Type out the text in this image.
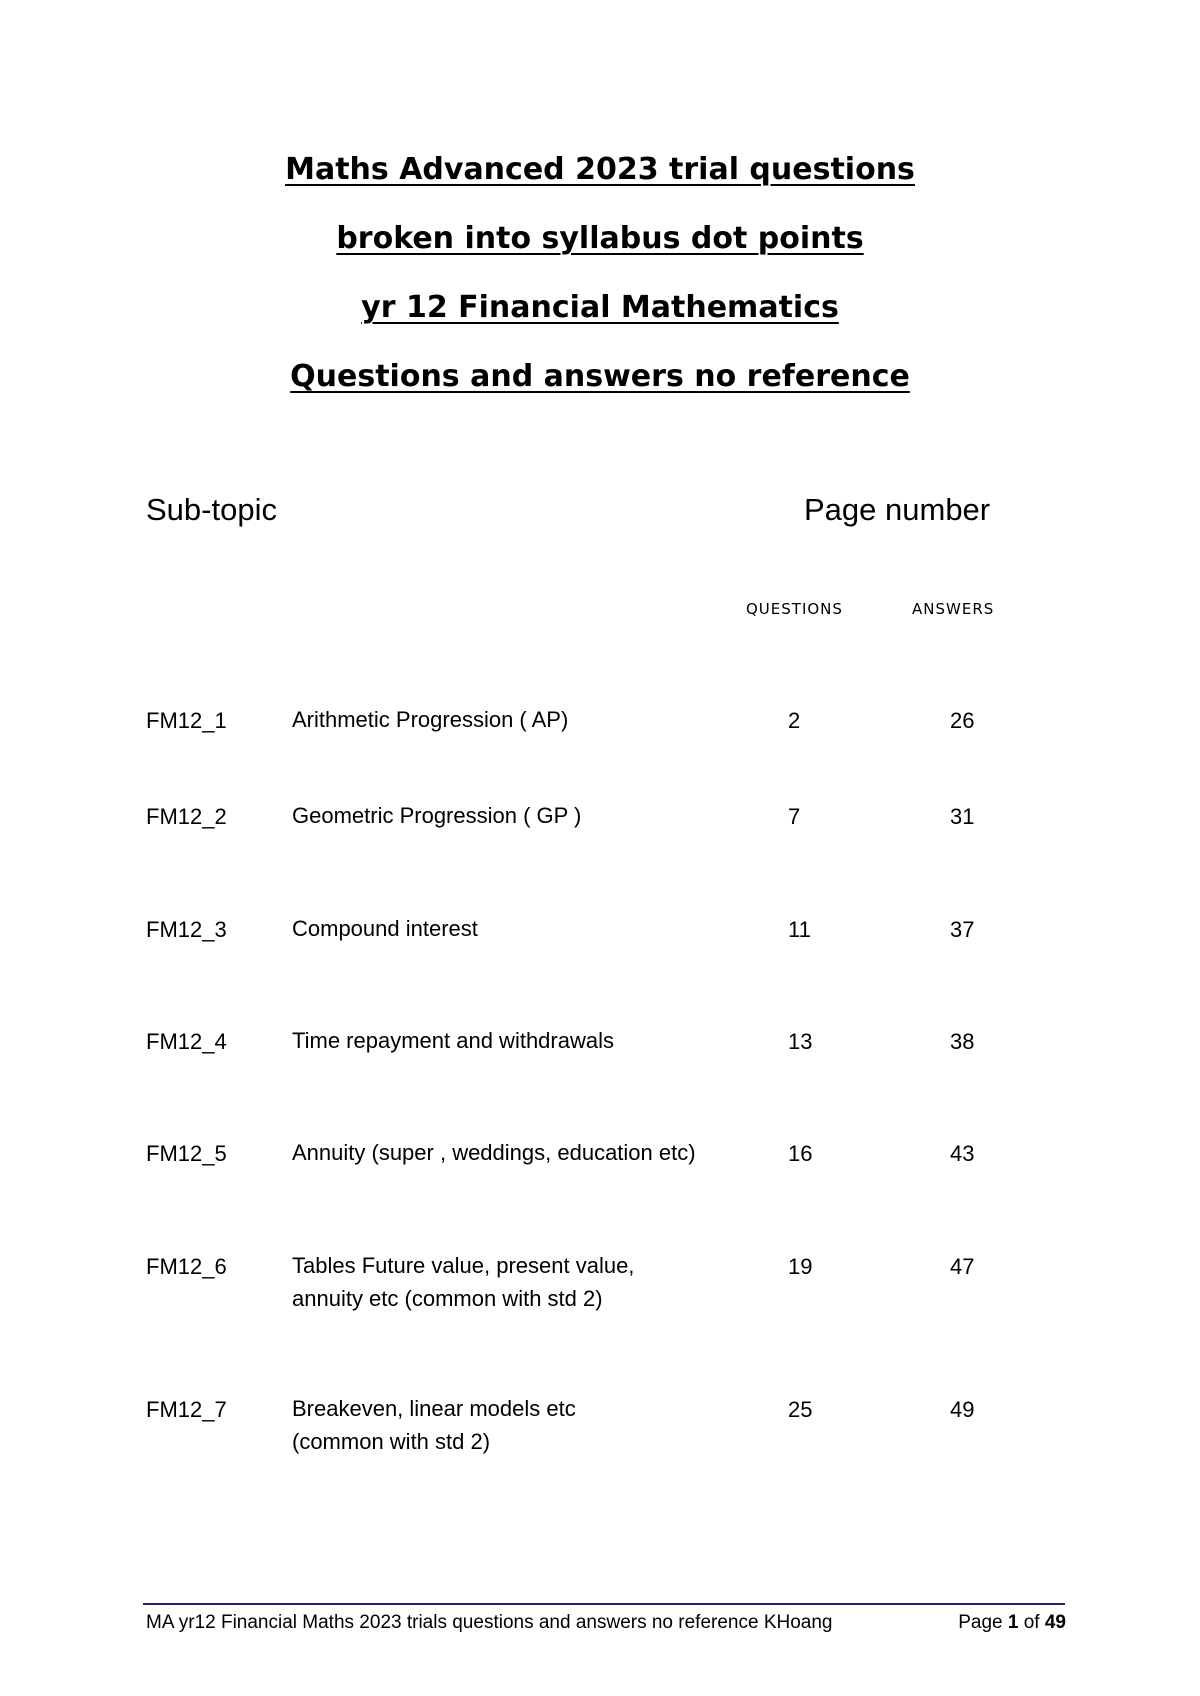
Maths Advanced 2023 trial questions
broken into syllabus dot points
yr 12 Financial Mathematics
Questions and answers no reference
Sub-topic	Page number
QUESTIONS	ANSWERS
FM12_1	Arithmetic Progression ( AP)	2	26
FM12_2	Geometric Progression ( GP )	7	31
FM12_3	Compound interest	11	37
FM12_4	Time repayment and withdrawals	13	38
FM12_5	Annuity (super , weddings, education etc)	16	43
FM12_6	Tables Future value, present value,
annuity etc (common with std 2)
19	47
FM12_7	Breakeven, linear models etc
(common with std 2)
25	49
MA yr12 Financial Maths 2023 trials questions and answers no reference KHoang	Page 1 of 49
